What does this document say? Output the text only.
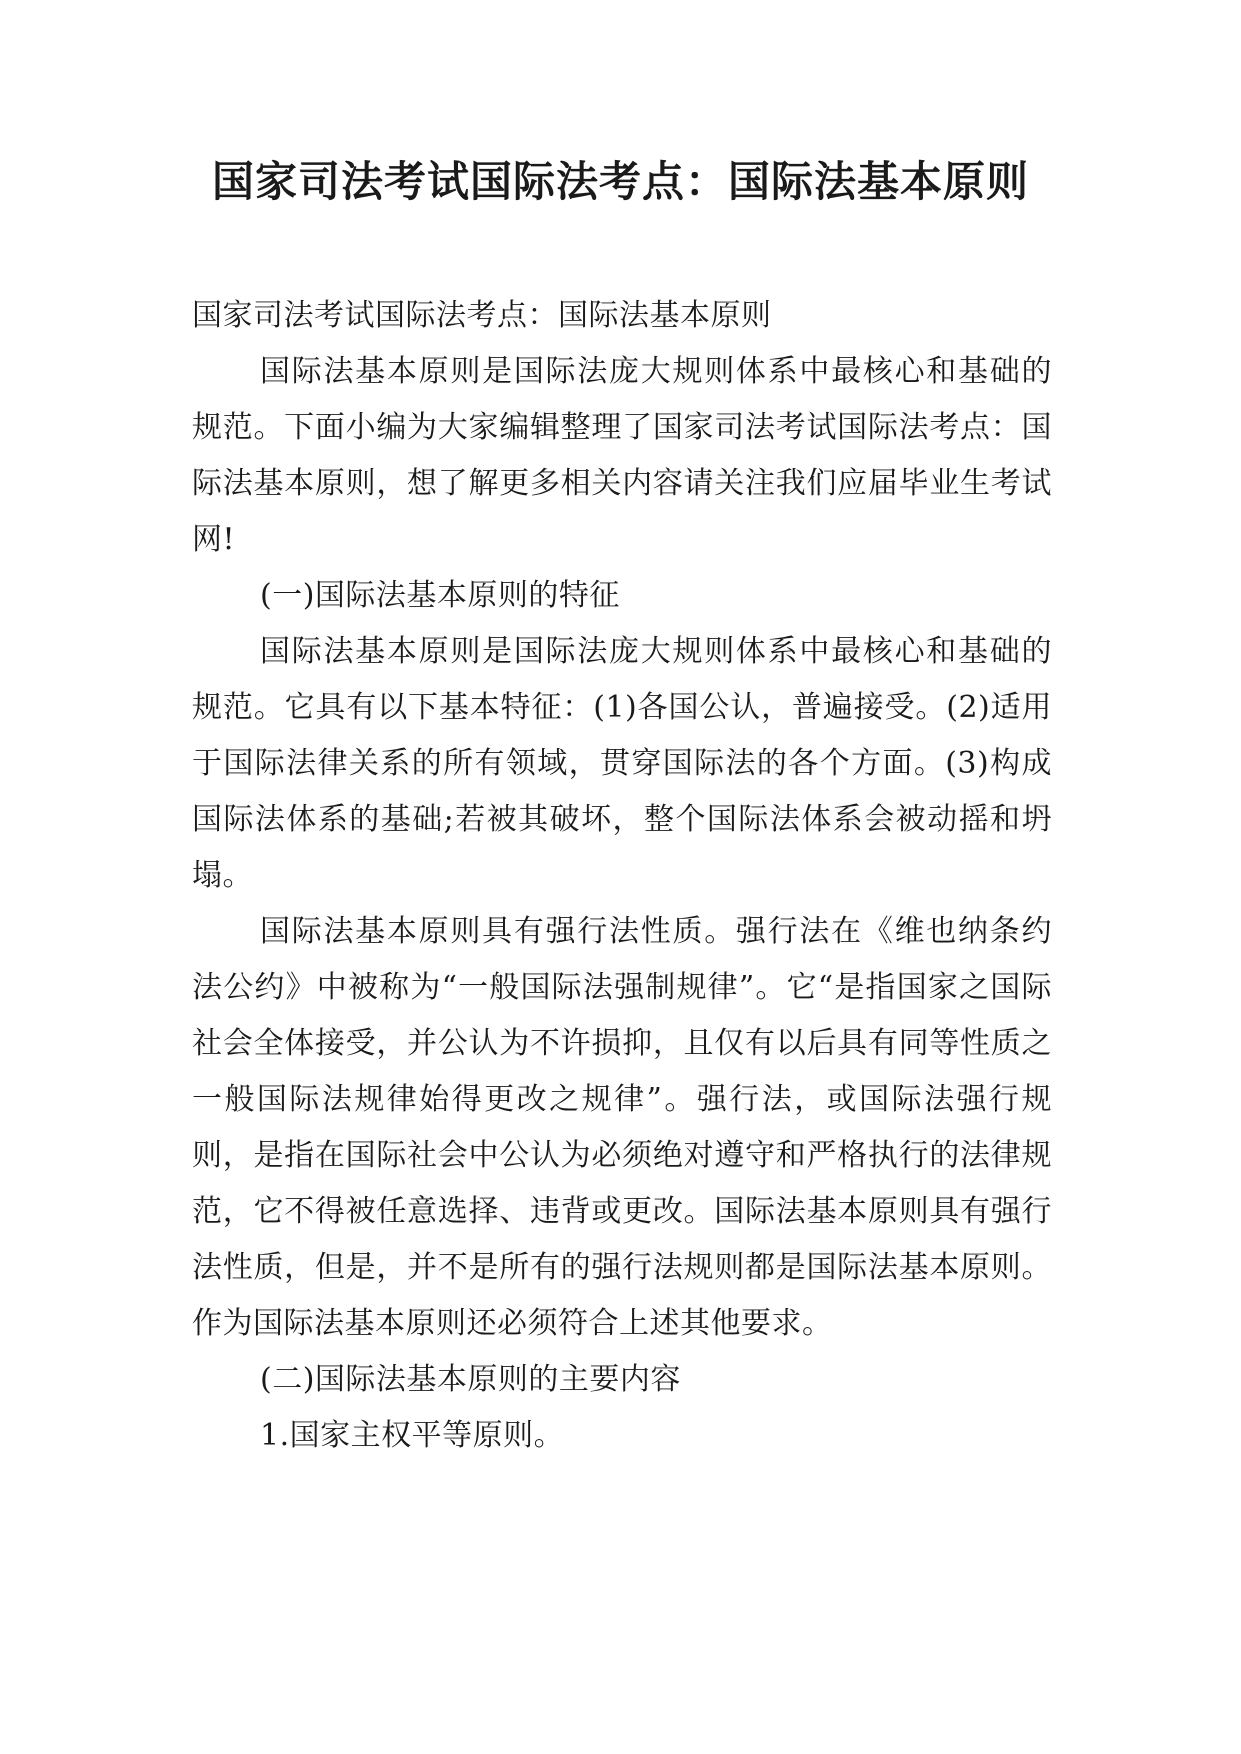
国家司法考试国际法考点：国际法基本原则

国家司法考试国际法考点：国际法基本原则

国际法基本原则是国际法庞大规则体系中最核心和基础的规范。下面小编为大家编辑整理了国家司法考试国际法考点：国际法基本原则，想了解更多相关内容请关注我们应届毕业生考试网!

(一)国际法基本原则的特征

国际法基本原则是国际法庞大规则体系中最核心和基础的规范。它具有以下基本特征：(1)各国公认，普遍接受。(2)适用于国际法律关系的所有领域，贯穿国际法的各个方面。(3)构成国际法体系的基础;若被其破坏，整个国际法体系会被动摇和坍塌。

国际法基本原则具有强行法性质。强行法在《维也纳条约法公约》中被称为“一般国际法强制规律”。它“是指国家之国际社会全体接受，并公认为不许损抑，且仅有以后具有同等性质之一般国际法规律始得更改之规律”。强行法，或国际法强行规则，是指在国际社会中公认为必须绝对遵守和严格执行的法律规范，它不得被任意选择、违背或更改。国际法基本原则具有强行法性质，但是，并不是所有的强行法规则都是国际法基本原则。作为国际法基本原则还必须符合上述其他要求。

(二)国际法基本原则的主要内容

1.国家主权平等原则。
